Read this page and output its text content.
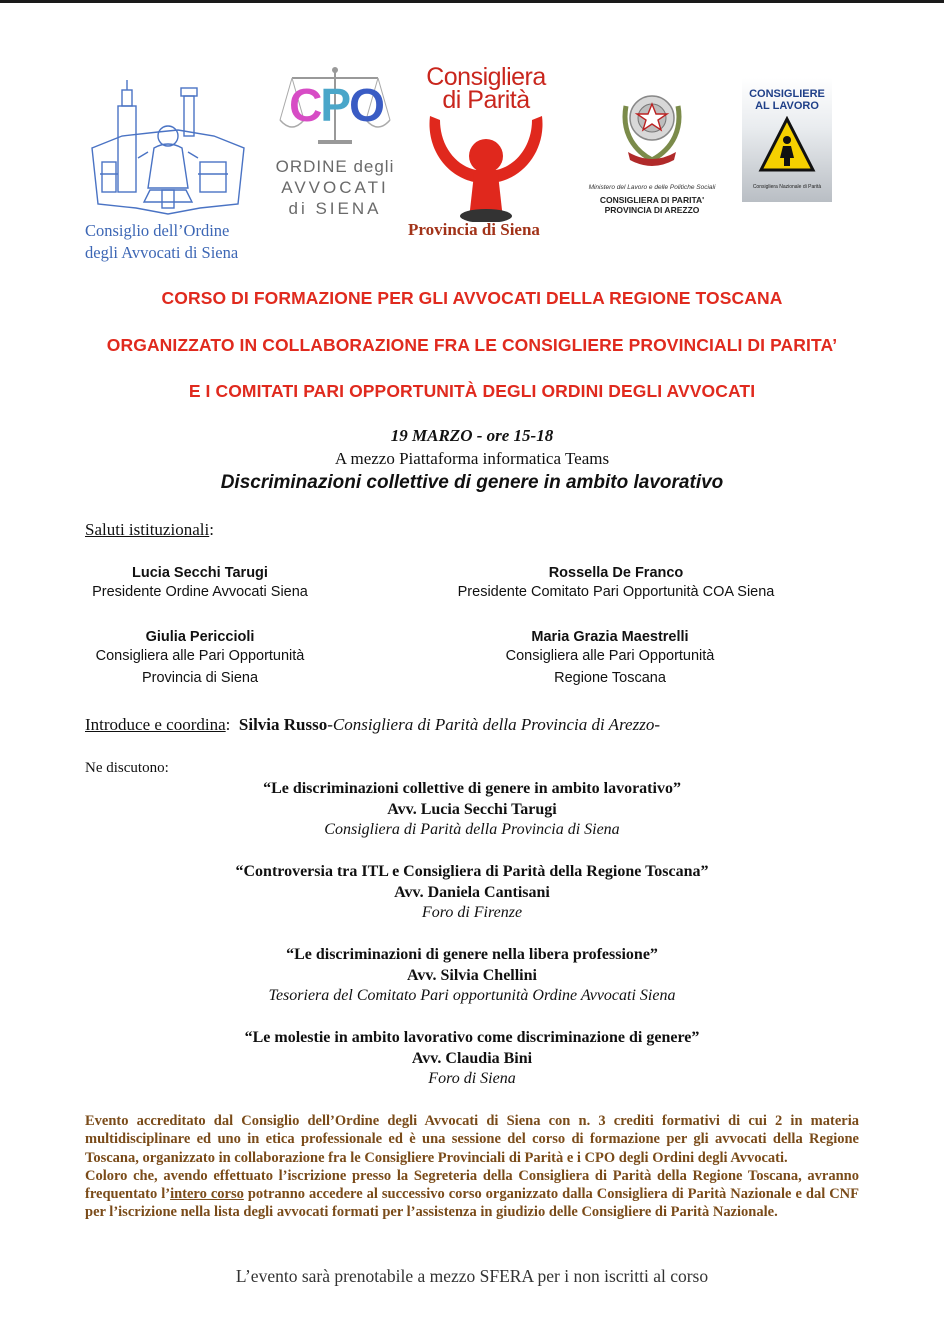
Consiglio dell’Ordine
degli Avvocati di Siena
CPO
ORDINE degli
AVVOCATI
di SIENA
Consigliera
di Parità
Provincia di Siena
Ministero del Lavoro e delle Politiche Sociali
CONSIGLIERA DI PARITA'
PROVINCIA DI AREZZO
CONSIGLIERE
AL LAVORO
Consigliera Nazionale di Parità
CORSO DI FORMAZIONE PER GLI AVVOCATI DELLA REGIONE TOSCANA
ORGANIZZATO IN COLLABORAZIONE FRA LE CONSIGLIERE PROVINCIALI DI PARITA’
E I COMITATI PARI OPPORTUNITÀ DEGLI ORDINI DEGLI AVVOCATI
19 MARZO - ore 15-18
A mezzo Piattaforma informatica Teams
Discriminazioni collettive di genere in ambito lavorativo
Saluti istituzionali:
Lucia Secchi Tarugi
Presidente Ordine Avvocati Siena
Rossella De Franco
Presidente Comitato Pari Opportunità COA Siena
Giulia Periccioli
Consigliera alle Pari Opportunità
Provincia di Siena
Maria Grazia Maestrelli
Consigliera alle Pari Opportunità
Regione Toscana
Introduce e coordina: Silvia Russo-Consigliera di Parità della Provincia di Arezzo-
Ne discutono:
“Le discriminazioni collettive di genere in ambito lavorativo”
Avv. Lucia Secchi Tarugi
Consigliera di Parità della Provincia di Siena
“Controversia tra ITL e Consigliera di Parità della Regione Toscana”
Avv. Daniela Cantisani
Foro di Firenze
“Le discriminazioni di genere nella libera professione”
Avv. Silvia Chellini
Tesoriera del Comitato Pari opportunità Ordine Avvocati Siena
“Le molestie in ambito lavorativo come discriminazione di genere”
Avv. Claudia Bini
Foro di Siena

Evento accreditato dal Consiglio dell’Ordine degli Avvocati di Siena con n. 3 crediti formativi di cui 2 in materia multidisciplinare ed uno in etica professionale ed è una sessione del corso di formazione per gli avvocati della Regione Toscana, organizzato in collaborazione fra le Consigliere Provinciali di Parità e i CPO degli Ordini degli Avvocati.

Coloro che, avendo effettuato l’iscrizione presso la Segreteria della Consigliera di Parità della Regione Toscana, avranno frequentato l’intero corso potranno accedere al successivo corso organizzato dalla Consigliera di Parità Nazionale e dal CNF per l’iscrizione nella lista degli avvocati formati per l’assistenza in giudizio delle Consigliere di Parità Nazionale.

L’evento sarà prenotabile a mezzo SFERA per i non iscritti al corso
